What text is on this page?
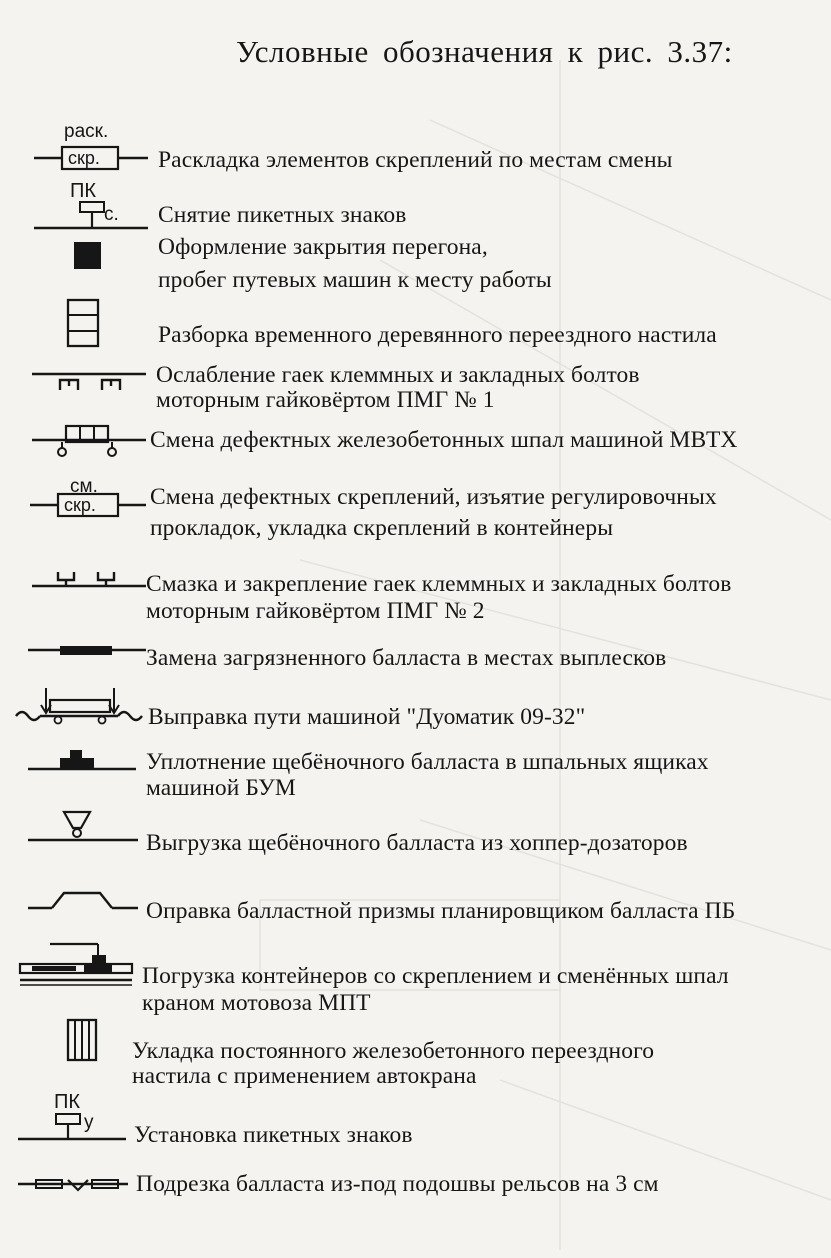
Условные обозначения к рис. 3.37:
раск.
скр. Раскладка элементов скреплений по местам смены
ПК
с. Снятие пикетных знаков
Оформление закрытия перегона,
пробег путевых машин к месту работы
Разборка временного деревянного переездного настила
Ослабление гаек клеммных и закладных болтов
моторным гайковёртом ПМГ № 1
Смена дефектных железобетонных шпал машиной МВТХ
см.
скр. Смена дефектных скреплений, изъятие регулировочных
прокладок, укладка скреплений в контейнеры
Смазка и закрепление гаек клеммных и закладных болтов
моторным гайковёртом ПМГ № 2
Замена загрязненного балласта в местах выплесков
Выправка пути машиной "Дуоматик 09-32"
Уплотнение щебёночного балласта в шпальных ящиках
машиной БУМ
Выгрузка щебёночного балласта из хоппер-дозаторов
Оправка балластной призмы планировщиком балласта ПБ
Погрузка контейнеров со скреплением и сменённых шпал
краном мотовоза МПТ
Укладка постоянного железобетонного переездного
настила с применением автокрана
ПК
у Установка пикетных знаков
Подрезка балласта из-под подошвы рельсов на 3 см
